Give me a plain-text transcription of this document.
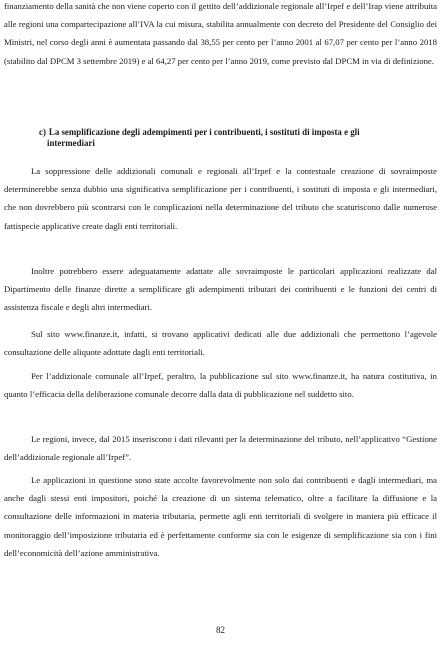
finanziamento della sanità che non viene coperto con il gettito dell’addizionale regionale all’Irpef e dell’Irap viene attribuita alle regioni una compartecipazione all’IVA la cui misura, stabilita annualmente con decreto del Presidente del Consiglio dei Ministri, nel corso degli anni è aumentata passando dal 38,55 per cento per l’anno 2001 al 67,07 per cento per l’anno 2018 (stabilito dal DPCM 3 settembre 2019) e al 64,27 per cento per l’anno 2019, come previsto dal DPCM in via di definizione.

c) La semplificazione degli adempimenti per i contribuenti, i sostituti di imposta e gli
intermediari

La soppressione delle addizionali comunali e regionali all’Irpef e la contestuale creazione di sovraimposte determinerebbe senza dubbio una significativa semplificazione per i contribuenti, i sostituti di imposta e gli intermediari, che non dovrebbero più scontrarsi con le complicazioni nella determinazione del tributo che scaturiscono dalle numerose fattispecie applicative create dagli enti territoriali.

Inoltre potrebbero essere adeguatamente adattate alle sovraimposte le particolari applicazioni realizzate dal Dipartimento delle finanze dirette a semplificare gli adempimenti tributari dei contribuenti e le funzioni dei centri di assistenza fiscale e degli altri intermediari.

Sul sito www.finanze.it, infatti, si trovano applicativi dedicati alle due addizionali che permettono l’agevole consultazione delle aliquote adottate dagli enti territoriali.

Per l’addizionale comunale all’Irpef, peraltro, la pubblicazione sul sito www.finanze.it, ha natura costitutiva, in quanto l’efficacia della deliberazione comunale decorre dalla data di pubblicazione nel suddetto sito.

Le regioni, invece, dal 2015 inseriscono i dati rilevanti per la determinazione del tributo, nell’applicativo “Gestione dell’addizionale regionale all’Irpef”.

Le applicazioni in questione sono state accolte favorevolmente non solo dai contribuenti e dagli intermediari, ma anche dagli stessi enti impositori, poiché la creazione di un sistema telematico, oltre a facilitare la diffusione e la consultazione delle informazioni in materia tributaria, permette agli enti territoriali di svolgere in maniera più efficace il monitoraggio dell’imposizione tributaria ed è perfettamente conforme sia con le esigenze di semplificazione sia con i fini dell’economicità dell’azione amministrativa.

82
